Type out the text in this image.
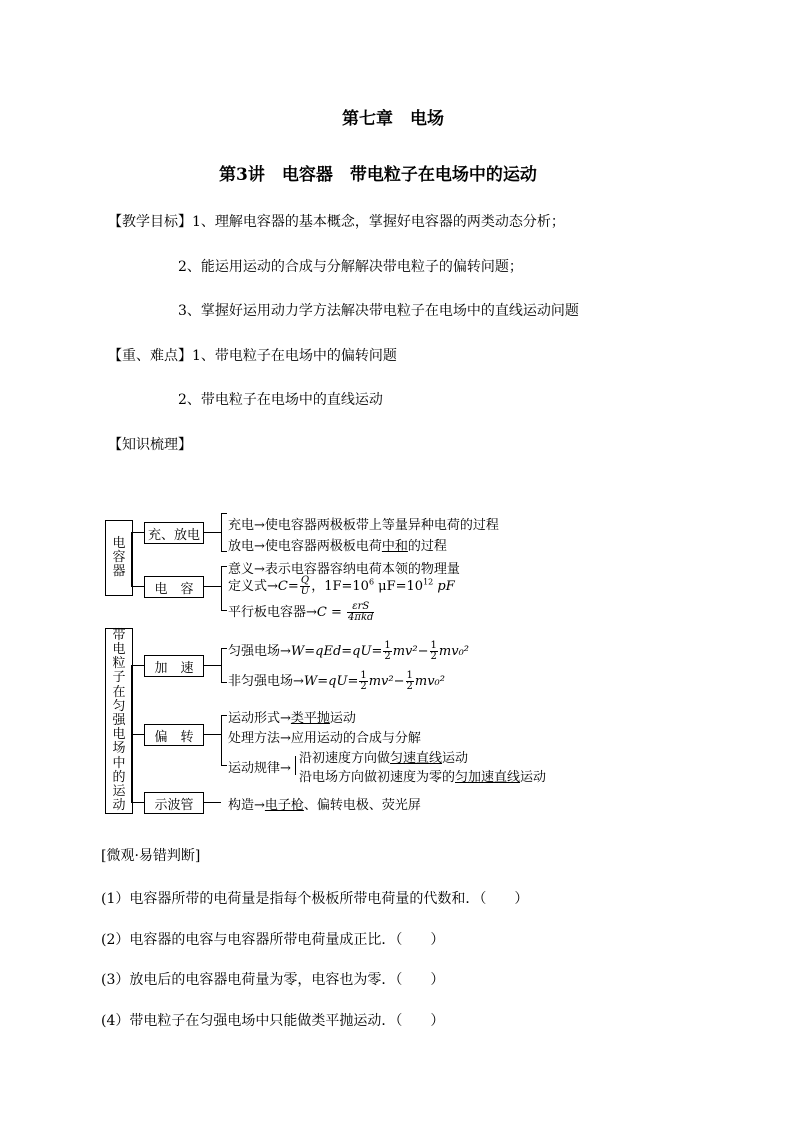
第七章　电场
第3讲　电容器　带电粒子在电场中的运动
【教学目标】1、理解电容器的基本概念，掌握好电容器的两类动态分析；
2、能运用运动的合成与分解解决带电粒子的偏转问题；
3、掌握好运用动力学方法解决带电粒子在电场中的直线运动问题
【重、难点】1、带电粒子在电场中的偏转问题
2、带电粒子在电场中的直线运动
【知识梳理】
电
容
器
充、放电
充电→使电容器两极板带上等量异种电荷的过程
放电→使电容器两极板电荷中和的过程
电　容
意义→表示电容器容纳电荷本领的物理量
定义式$\to C= \frac{Q}{U}$ ，$1F=10^6$ $\mu F=10^{12}$ pF
平行板电容器$\to C = \frac{\text{εrS}}{\text{4πkd}}$
带
电
粒
子
在
匀
强
电
场
中
的
运
动
加　速
匀强电场$\to W=qEd=qU= \frac{1}{2} mv^2- \frac{1}{2} mv_0^2$
非匀强电场$\to W=qU= \frac{1}{2} mv^2- \frac{1}{2} mv_0^2$
偏　转
运动形式→类平抛运动
处理方法→应用运动的合成与分解
运动规律→
沿初速度方向做匀速直线运动
沿电场方向做初速度为零的匀加速直线运动
示波管	构造→电子枪、偏转电极、荧光屏
[微观·易错判断]
(1）电容器所带的电荷量是指每个极板所带电荷量的代数和．（　　）
(2）电容器的电容与电容器所带电荷量成正比．（　　）
(3）放电后的电容器电荷量为零，电容也为零．（　　）
(4）带电粒子在匀强电场中只能做类平抛运动．（　　）
